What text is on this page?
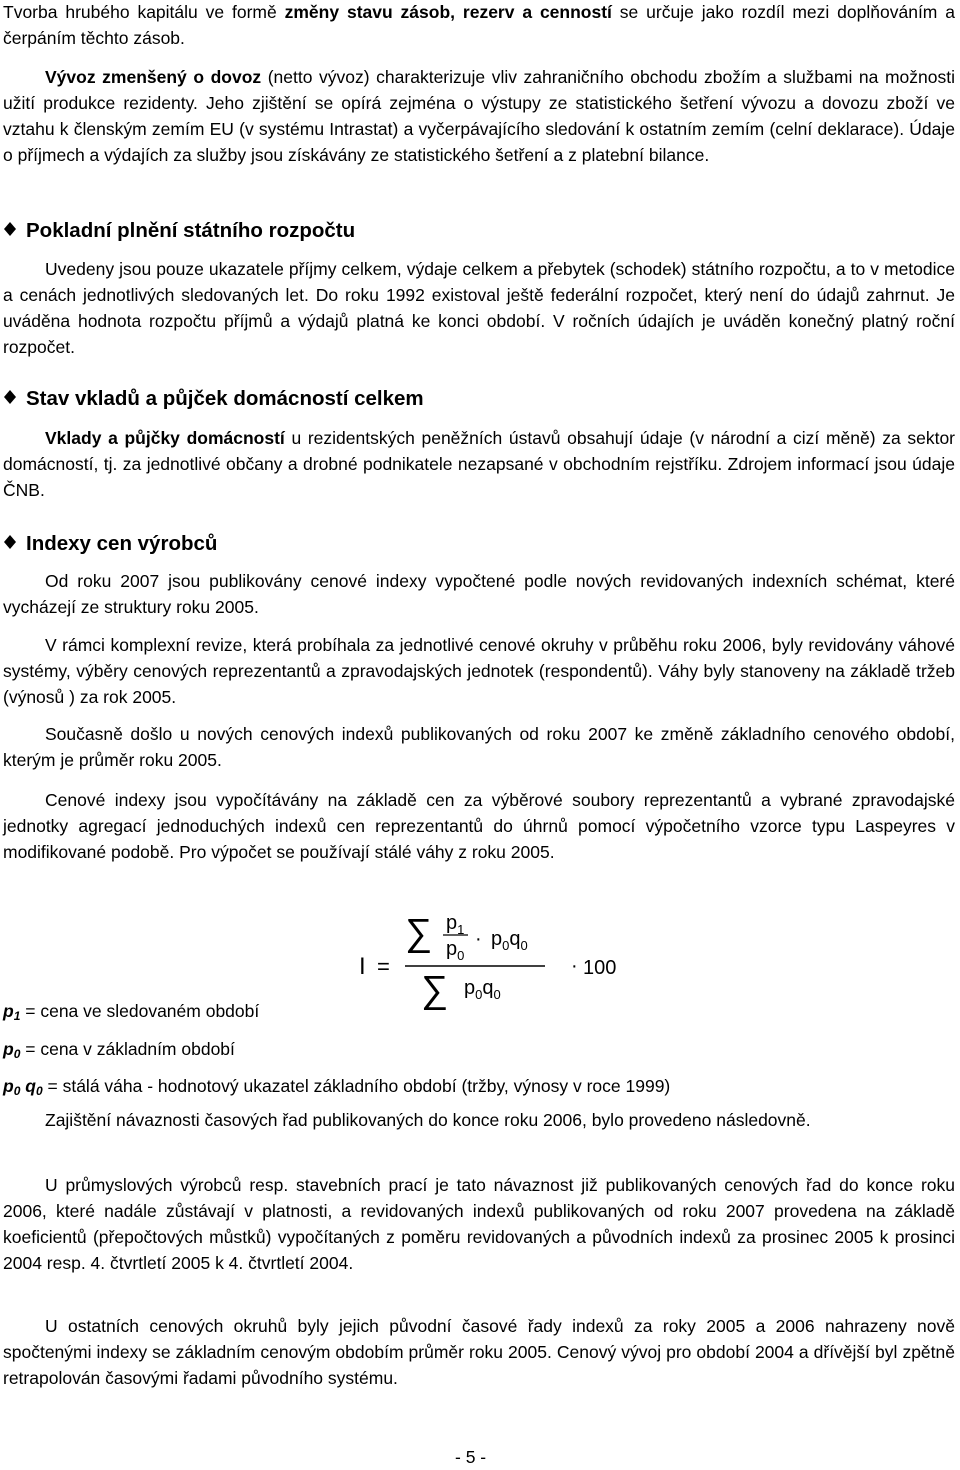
Tvorba hrubého kapitálu ve formě změny stavu zásob, rezerv a cenností se určuje jako rozdíl mezi doplňováním a čerpáním těchto zásob.

Vývoz zmenšený o dovoz (netto vývoz) charakterizuje vliv zahraničního obchodu zbožím a službami na možnosti užití produkce rezidenty. Jeho zjištění se opírá zejména o výstupy ze statistického šetření vývozu a dovozu zboží ve vztahu k členským zemím EU (v systému Intrastat) a vyčerpávajícího sledování k ostatním zemím (celní deklarace). Údaje o příjmech a výdajích za služby jsou získávány ze statistického šetření a z platební bilance.

Pokladní plnění státního rozpočtu

Uvedeny jsou pouze ukazatele příjmy celkem, výdaje celkem a přebytek (schodek) státního rozpočtu, a to v metodice a cenách jednotlivých sledovaných let. Do roku 1992 existoval ještě federální rozpočet, který není do údajů zahrnut. Je uváděna hodnota rozpočtu příjmů a výdajů platná ke konci období. V ročních údajích je uváděn konečný platný roční rozpočet.

Stav vkladů a půjček domácností celkem

Vklady a půjčky domácností u rezidentských peněžních ústavů obsahují údaje (v národní a cizí měně) za sektor domácností, tj. za jednotlivé občany a drobné podnikatele nezapsané v obchodním rejstříku. Zdrojem informací jsou údaje ČNB.

Indexy cen výrobců

Od roku 2007 jsou publikovány cenové indexy vypočtené podle nových revidovaných indexních schémat, které vycházejí ze struktury roku 2005.

V rámci komplexní revize, která probíhala za jednotlivé cenové okruhy v průběhu roku 2006, byly revidovány váhové systémy, výběry cenových reprezentantů a zpravodajských jednotek (respondentů). Váhy byly stanoveny na základě tržeb (výnosů ) za rok 2005.

Současně došlo u nových cenových indexů publikovaných od roku 2007 ke změně základního cenového období, kterým je průměr roku 2005.

Cenové indexy jsou vypočítávány na základě cen za výběrové soubory reprezentantů a vybrané zpravodajské jednotky agregací jednoduchých indexů cen reprezentantů do úhrnů pomocí výpočetního vzorce typu Laspeyres v modifikované podobě. Pro výpočet se používají stálé váhy z roku 2005.

I =
∑ $p_1$
$p_0$
· $p_0q_0$
∑ $p_0q_0$
· 100
$p_1$ = cena ve sledovaném období
$p_0$ = cena v základním období
$p_0$ $q_0$ = stálá váha - hodnotový ukazatel základního období (tržby, výnosy v roce 1999)

Zajištění návaznosti časových řad publikovaných do konce roku 2006, bylo provedeno následovně.

U průmyslových výrobců resp. stavebních prací je tato návaznost již publikovaných cenových řad do konce roku 2006, které nadále zůstávají v platnosti, a revidovaných indexů publikovaných od roku 2007 provedena na základě koeficientů (přepočtových můstků) vypočítaných z poměru revidovaných a původních indexů za prosinec 2005 k prosinci 2004 resp. 4. čtvrtletí 2005 k 4. čtvrtletí 2004.

U ostatních cenových okruhů byly jejich původní časové řady indexů za roky 2005 a 2006 nahrazeny nově spočtenými indexy se základním cenovým obdobím průměr roku 2005. Cenový vývoj pro období 2004 a dřívější byl zpětně retrapolován časovými řadami původního systému.

- 5 -
